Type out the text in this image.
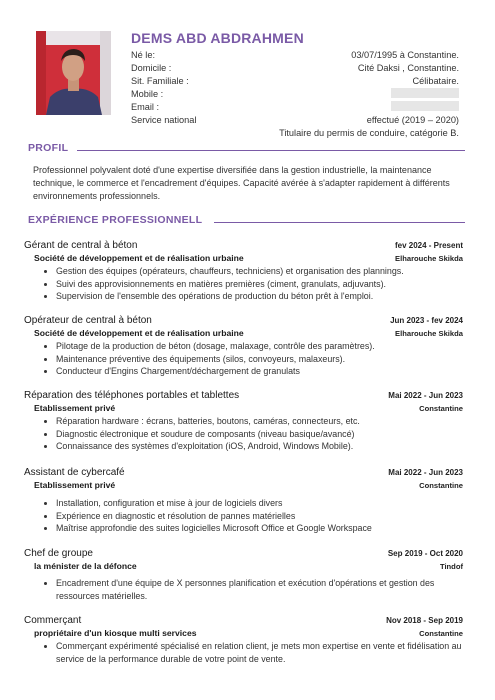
DEMS ABD ABDRAHMEN
Né le:	03/07/1995 à Constantine.
Domicile :	Cité Daksi , Constantine.
Sit. Familiale :	Célibataire.
Mobile :
Email :
Service national	effectué (2019 – 2020)
Titulaire du permis de conduire, catégorie B.
PROFIL
Professionnel polyvalent doté d'une expertise diversifiée dans la gestion industrielle, la maintenance technique, le commerce et l'encadrement d'équipes. Capacité avérée à s'adapter rapidement à différents environnements professionnels.
EXPÉRIENCE PROFESSIONNELL
Gérant de central à béton	fev 2024 - Present
Société de développement et de réalisation urbaine	Elharouche Skikda
• Gestion des équipes (opérateurs, chauffeurs, techniciens) et organisation des plannings.
• Suivi des approvisionnements en matières premières (ciment, granulats, adjuvants).
• Supervision de l'ensemble des opérations de production du béton prêt à l'emploi.
Opérateur de central à béton	Jun 2023 - fev 2024
Société de développement et de réalisation urbaine	Elharouche Skikda
• Pilotage de la production de béton (dosage, malaxage, contrôle des paramètres).
• Maintenance préventive des équipements (silos, convoyeurs, malaxeurs).
• Conducteur d'Engins Chargement/déchargement de granulats
Réparation des téléphones portables et tablettes	Mai 2022 - Jun 2023
Etablissement privé	Constantine
• Réparation hardware : écrans, batteries, boutons, caméras, connecteurs, etc.
• Diagnostic électronique et soudure de composants (niveau basique/avancé)
• Connaissance des systèmes d'exploitation (iOS, Android, Windows Mobile).
Assistant de cybercafé	Mai 2022 - Jun 2023
Etablissement privé	Constantine
• Installation, configuration et mise à jour de logiciels divers
• Expérience en diagnostic et résolution de pannes matérielles
• Maîtrise approfondie des suites logicielles Microsoft Office et Google Workspace
Chef de groupe	Sep 2019 - Oct 2020
la ménister de la défonce	Tindof
• Encadrement d'une équipe de X personnes planification et exécution d'opérations et gestion des ressources matérielles.
Commerçant	Nov 2018 - Sep 2019
propriétaire d'un kiosque multi services	Constantine
• Commerçant expérimenté spécialisé en relation client, je mets mon expertise en vente et fidélisation au service de la performance durable de votre point de vente.
